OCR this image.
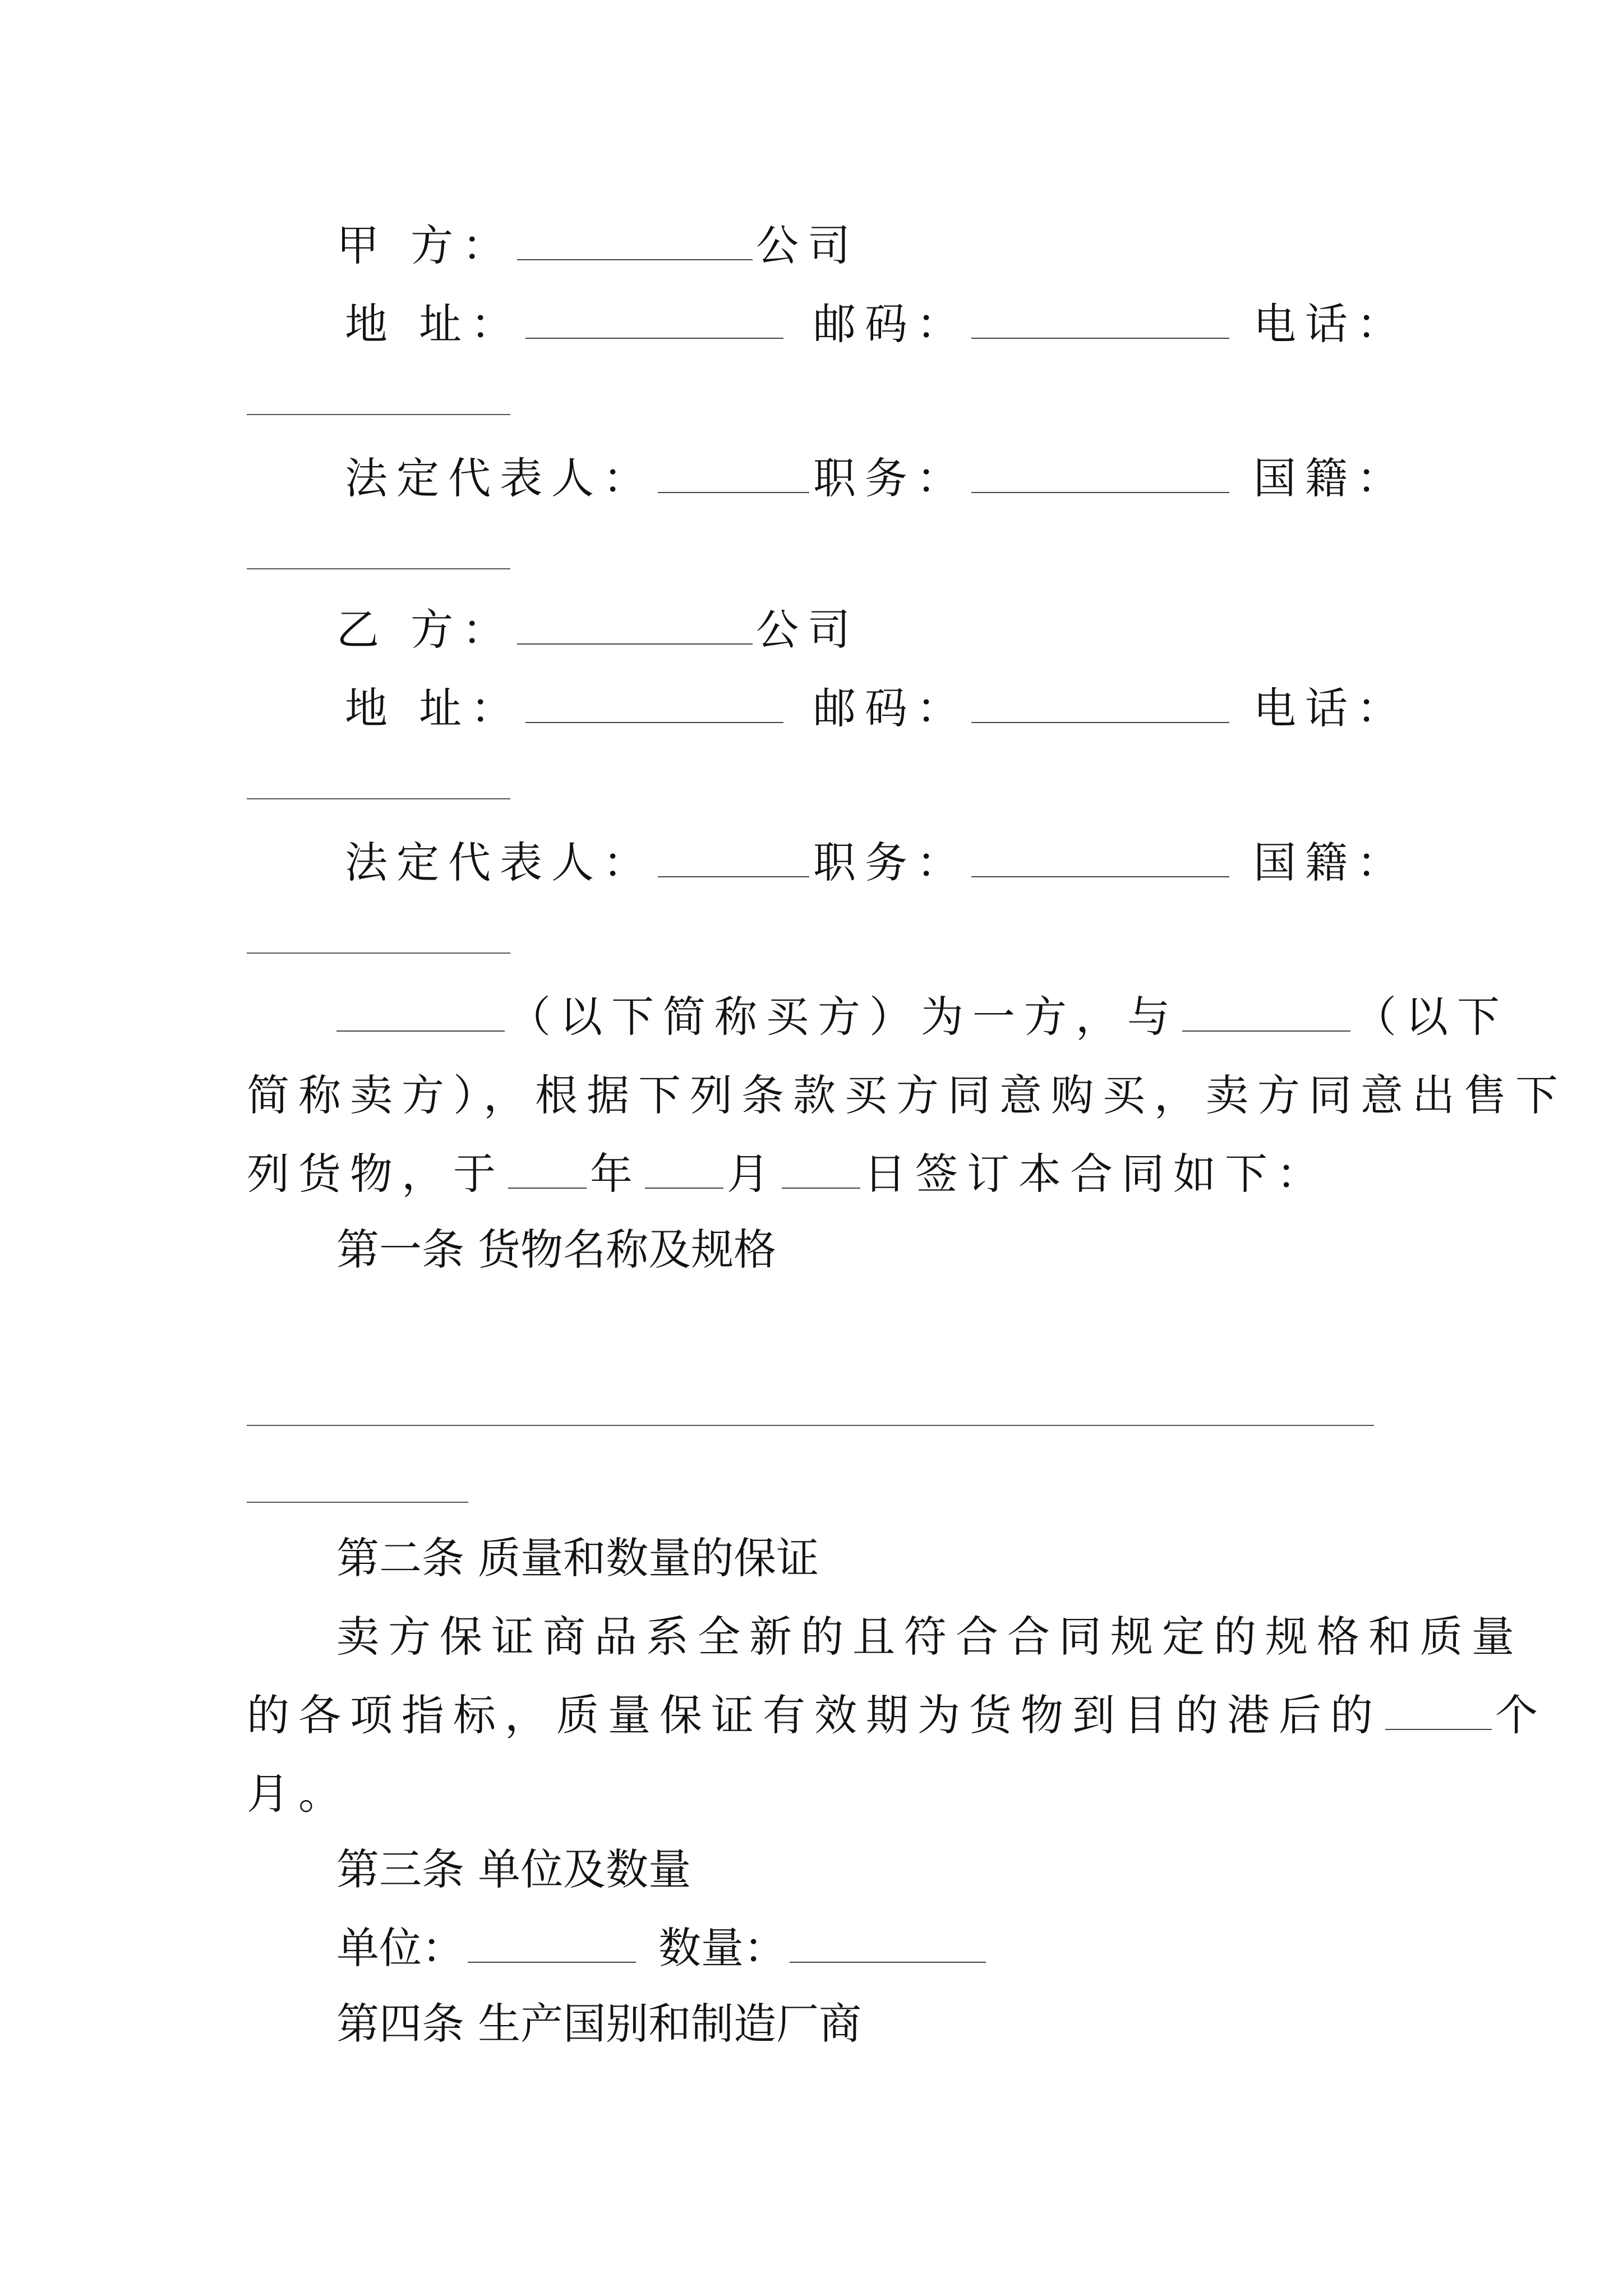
甲 方：	公司
地 址：	邮码：	电话：
法定代表人：	职务：	国籍：
乙 方：	公司
地 址：	邮码：	电话：
法定代表人：	职务：	国籍：
（以下简称买方）为一方，与	（以下
简称卖方），根据下列条款买方同意购买，卖方同意出售下
列货物，于 年 月 日签订本合同如下：
第一条 货物名称及规格
第二条 质量和数量的保证
卖方保证商品系全新的且符合合同规定的规格和质量
的各项指标，质量保证有效期为货物到目的港后的	个
月。
第三条 单位及数量
单位：	数量：
第四条 生产国别和制造厂商
